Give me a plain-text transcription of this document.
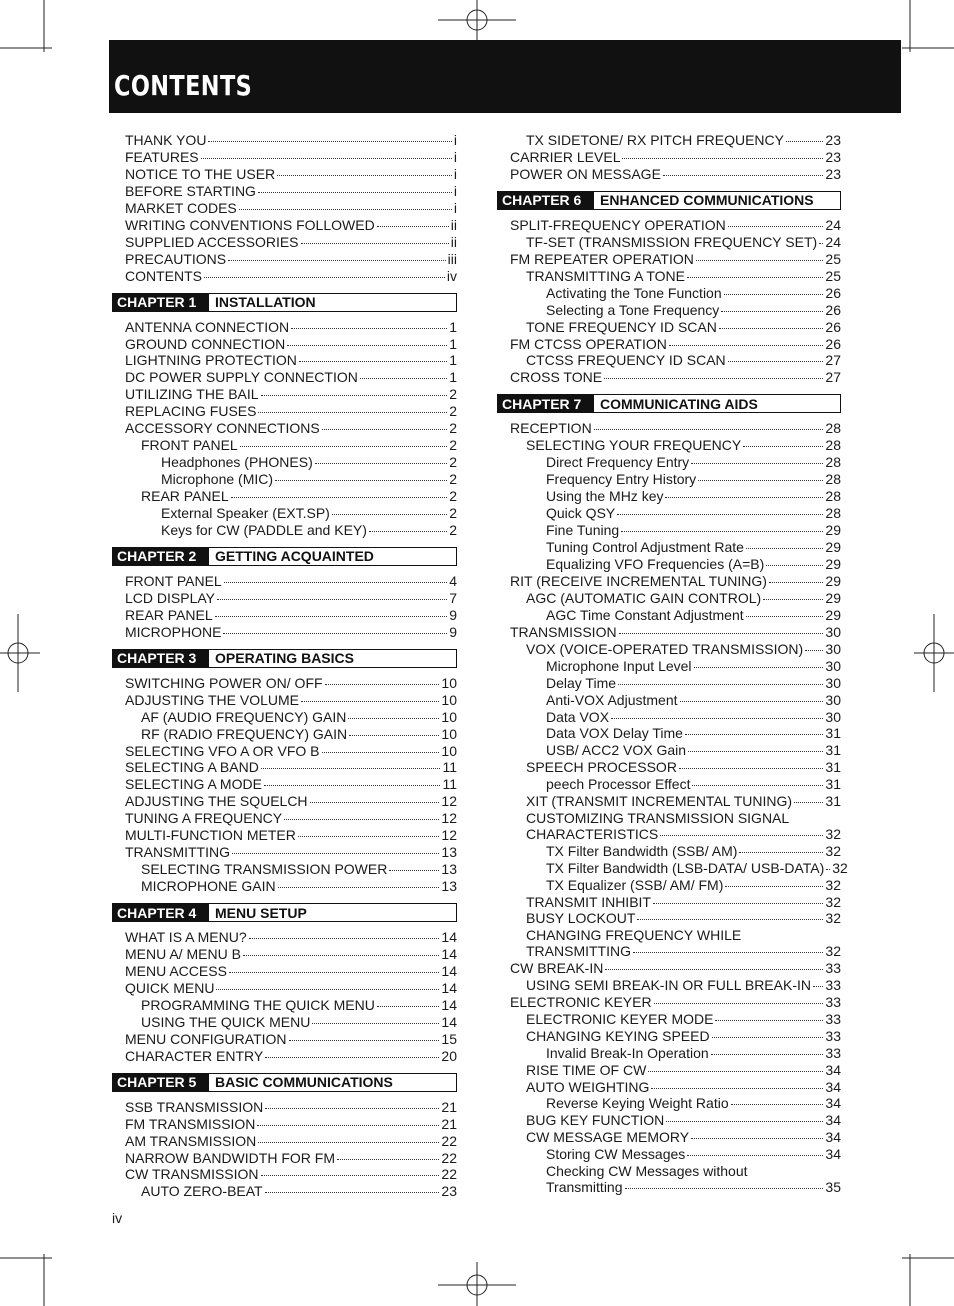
CONTENTS
THANK YOU	i
FEATURES	i
NOTICE TO THE USER	i
BEFORE STARTING	i
MARKET CODES	i
WRITING CONVENTIONS FOLLOWED	ii
SUPPLIED ACCESSORIES	ii
PRECAUTIONS	iii
CONTENTS	iv
CHAPTER 1	INSTALLATION
ANTENNA CONNECTION	1
GROUND CONNECTION	1
LIGHTNING PROTECTION	1
DC POWER SUPPLY CONNECTION	1
UTILIZING THE BAIL	2
REPLACING FUSES	2
ACCESSORY CONNECTIONS	2
FRONT PANEL	2
Headphones (PHONES)	2
Microphone (MIC)	2
REAR PANEL	2
External Speaker (EXT.SP)	2
Keys for CW (PADDLE and KEY)	2
CHAPTER 2	GETTING ACQUAINTED
FRONT PANEL	4
LCD DISPLAY	7
REAR PANEL	9
MICROPHONE	9
CHAPTER 3	OPERATING BASICS
SWITCHING POWER ON/ OFF	10
ADJUSTING THE VOLUME	10
AF (AUDIO FREQUENCY) GAIN	10
RF (RADIO FREQUENCY) GAIN	10
SELECTING VFO A OR VFO B	10
SELECTING A BAND	11
SELECTING A MODE	11
ADJUSTING THE SQUELCH	12
TUNING A FREQUENCY	12
MULTI-FUNCTION METER	12
TRANSMITTING	13
SELECTING TRANSMISSION POWER	13
MICROPHONE GAIN	13
CHAPTER 4	MENU SETUP
WHAT IS A MENU?	14
MENU A/ MENU B	14
MENU ACCESS	14
QUICK MENU	14
PROGRAMMING THE QUICK MENU	14
USING THE QUICK MENU	14
MENU CONFIGURATION	15
CHARACTER ENTRY	20
CHAPTER 5	BASIC COMMUNICATIONS
SSB TRANSMISSION	21
FM TRANSMISSION	21
AM TRANSMISSION	22
NARROW BANDWIDTH FOR FM	22
CW TRANSMISSION	22
AUTO ZERO-BEAT	23
TX SIDETONE/ RX PITCH FREQUENCY	23
CARRIER LEVEL	23
POWER ON MESSAGE	23
CHAPTER 6	ENHANCED COMMUNICATIONS
SPLIT-FREQUENCY OPERATION	24
TF-SET (TRANSMISSION FREQUENCY SET) 24
FM REPEATER OPERATION	25
TRANSMITTING A TONE	25
Activating the Tone Function	26
Selecting a Tone Frequency	26
TONE FREQUENCY ID SCAN	26
FM CTCSS OPERATION	26
CTCSS FREQUENCY ID SCAN	27
CROSS TONE	27
CHAPTER 7	COMMUNICATING AIDS
RECEPTION	28
SELECTING YOUR FREQUENCY	28
Direct Frequency Entry	28
Frequency Entry History	28
Using the MHz key	28
Quick QSY	28
Fine Tuning	29
Tuning Control Adjustment Rate	29
Equalizing VFO Frequencies (A=B)	29
RIT (RECEIVE INCREMENTAL TUNING)	29
AGC (AUTOMATIC GAIN CONTROL)	29
AGC Time Constant Adjustment	29
TRANSMISSION	30
VOX (VOICE-OPERATED TRANSMISSION) 30
Microphone Input Level	30
Delay Time	30
Anti-VOX Adjustment	30
Data VOX	30
Data VOX Delay Time	31
USB/ ACC2 VOX Gain	31
SPEECH PROCESSOR	31
peech Processor Effect	31
XIT (TRANSMIT INCREMENTAL TUNING) 31
CUSTOMIZING TRANSMISSION SIGNAL
CHARACTERISTICS	32
TX Filter Bandwidth (SSB/ AM)	32
TX Filter Bandwidth (LSB-DATA/ USB-DATA) 32
TX Equalizer (SSB/ AM/ FM)	32
TRANSMIT INHIBIT	32
BUSY LOCKOUT	32
CHANGING FREQUENCY WHILE
TRANSMITTING	32
CW BREAK-IN	33
USING SEMI BREAK-IN OR FULL BREAK-IN 33
ELECTRONIC KEYER	33
ELECTRONIC KEYER MODE	33
CHANGING KEYING SPEED	33
Invalid Break-In Operation	33
RISE TIME OF CW	34
AUTO WEIGHTING	34
Reverse Keying Weight Ratio	34
BUG KEY FUNCTION	34
CW MESSAGE MEMORY	34
Storing CW Messages	34
Checking CW Messages without
Transmitting	35
iv
